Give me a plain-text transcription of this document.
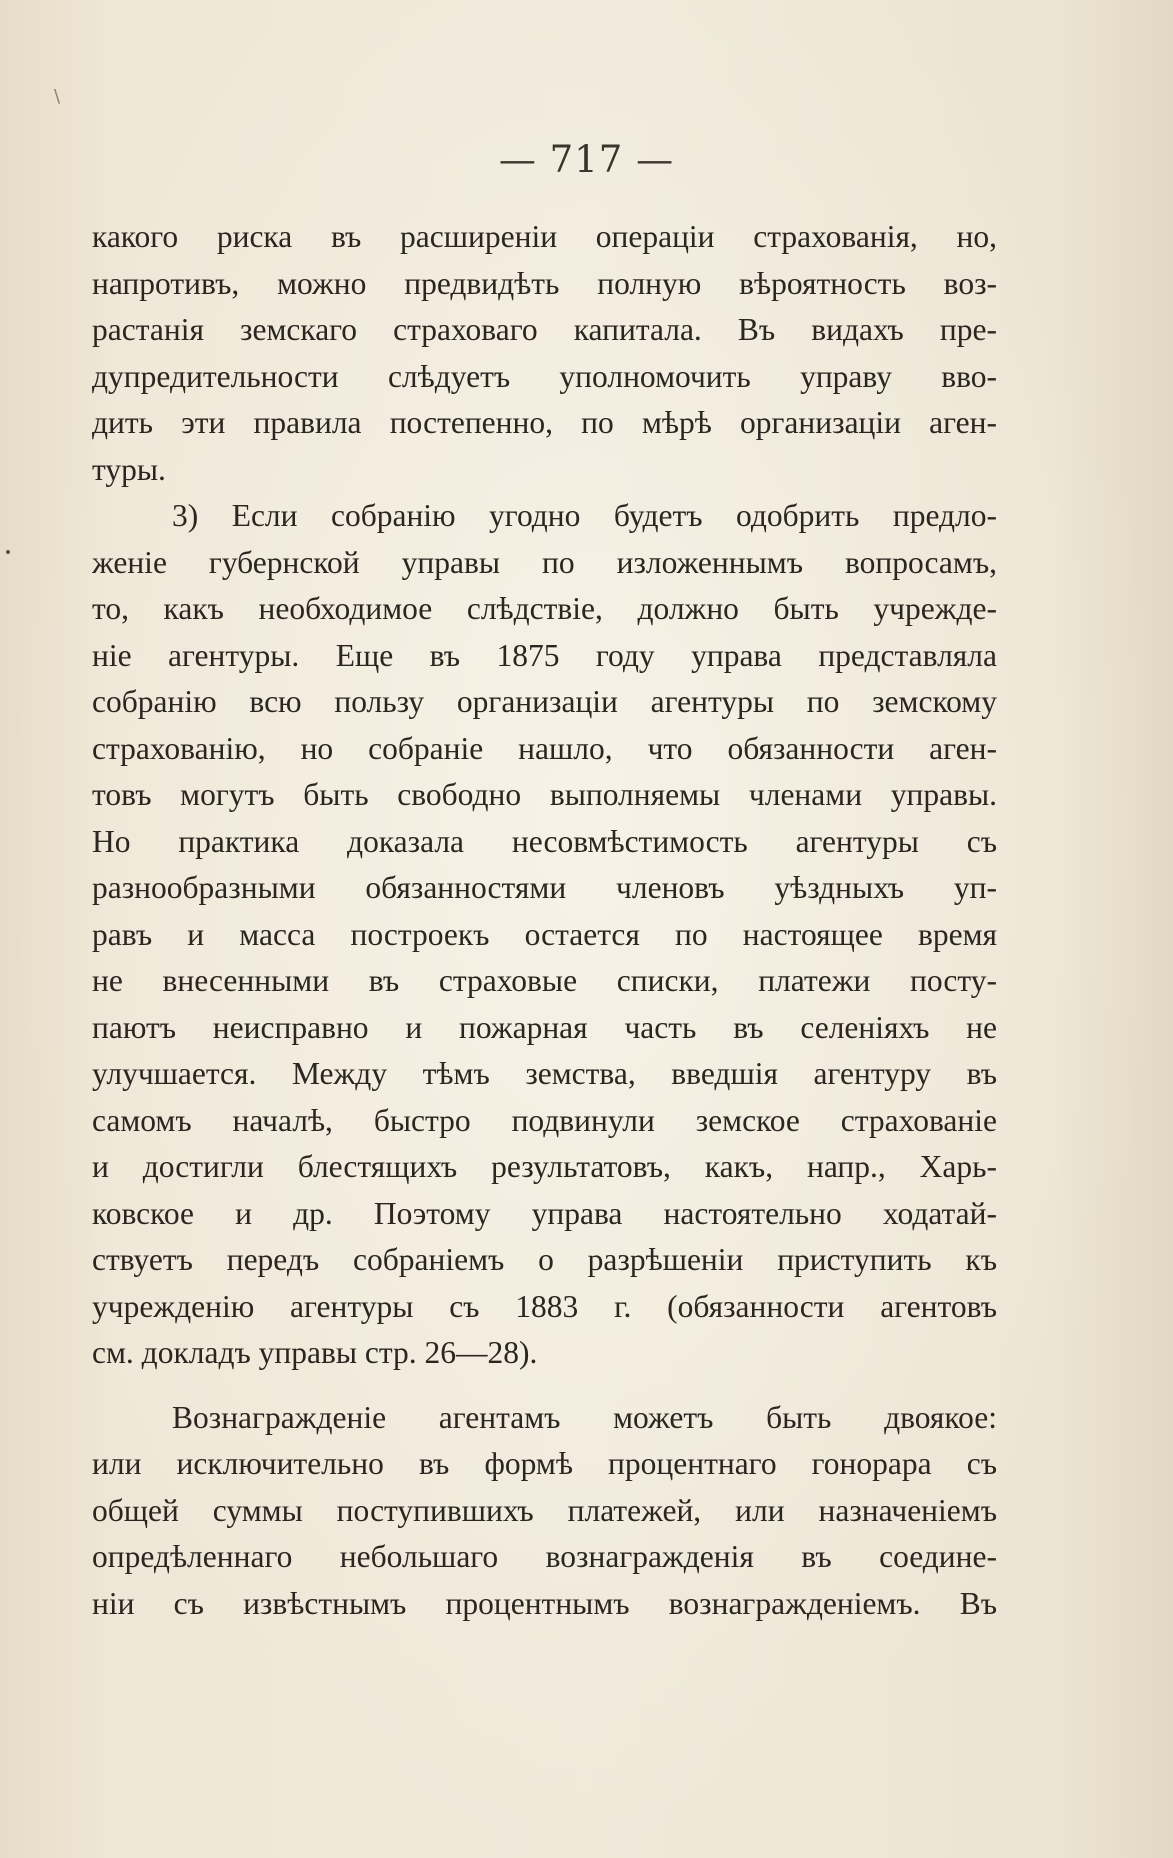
\
— 717 —
какого риска въ расширеніи операціи страхованія, но,
напротивъ, можно предвидѣть полную вѣроятность воз-
растанія земскаго страховаго капитала. Въ видахъ пре-
дупредительности слѣдуетъ уполномочить управу вво-
дить эти правила постепенно, по мѣрѣ организаціи аген-
туры.
3) Если собранію угодно будетъ одобрить предло-
женіе губернской управы по изложеннымъ вопросамъ,
то, какъ необходимое слѣдствіе, должно быть учрежде-
ніе агентуры. Еще въ 1875 году управа представляла
собранію всю пользу организаціи агентуры по земскому
страхованію, но собраніе нашло, что обязанности аген-
товъ могутъ быть свободно выполняемы членами управы.
Но практика доказала несовмѣстимость агентуры съ
разнообразными обязанностями членовъ уѣздныхъ уп-
равъ и масса построекъ остается по настоящее время
не внесенными въ страховые списки, платежи посту-
паютъ неисправно и пожарная часть въ селеніяхъ не
улучшается. Между тѣмъ земства, введшія агентуру въ
самомъ началѣ, быстро подвинули земское страхованіе
и достигли блестящихъ результатовъ, какъ, напр., Харь-
ковское и др. Поэтому управа настоятельно ходатай-
ствуетъ передъ собраніемъ о разрѣшеніи приступить къ
учрежденію агентуры съ 1883 г. (обязанности агентовъ
см. докладъ управы стр. 26—28).
Вознагражденіе агентамъ можетъ быть двоякое:
или исключительно въ формѣ процентнаго гонорара съ
общей суммы поступившихъ платежей, или назначеніемъ
опредѣленнаго небольшаго вознагражденія въ соедине-
ніи съ извѣстнымъ процентнымъ вознагражденіемъ. Въ
